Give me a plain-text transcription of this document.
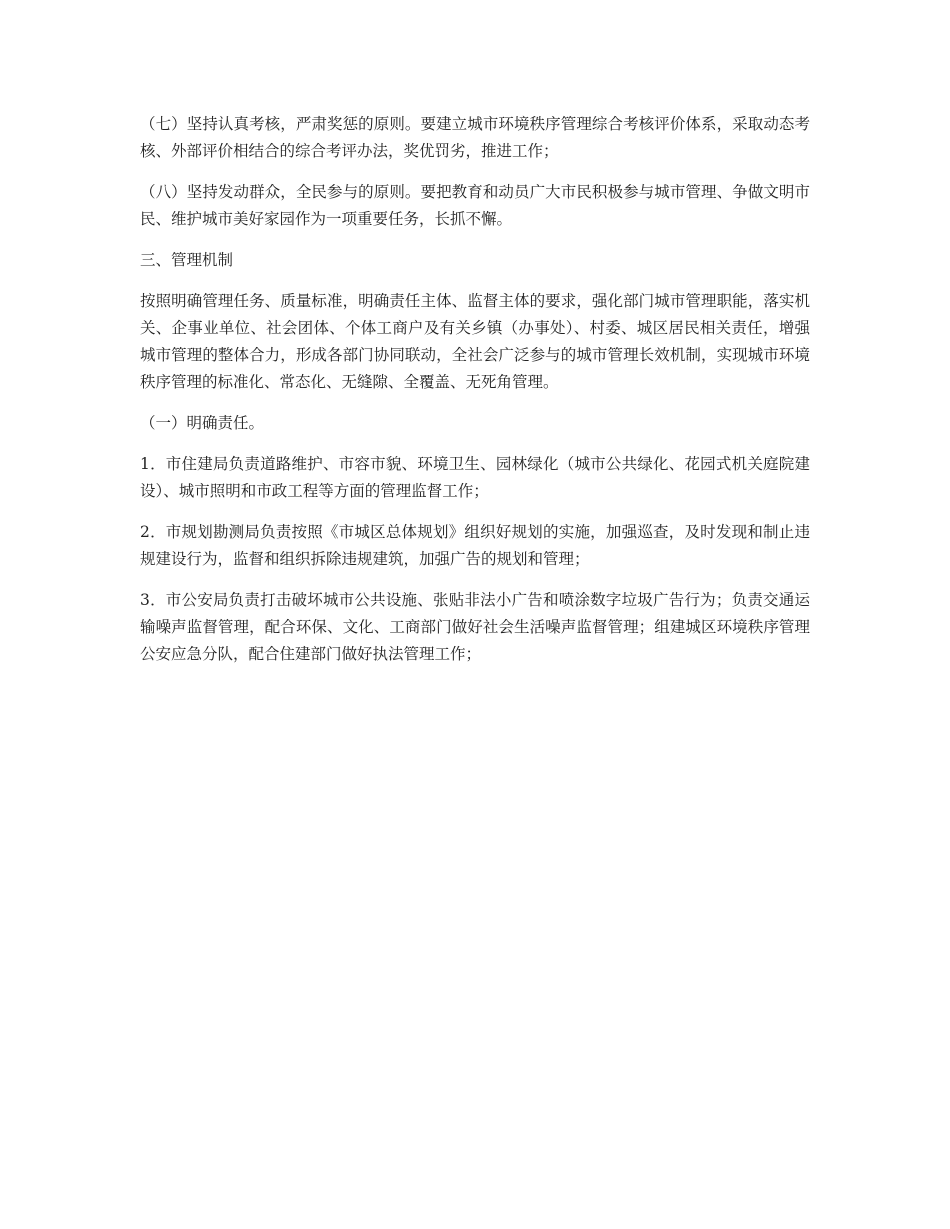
（七）坚持认真考核，严肃奖惩的原则。要建立城市环境秩序管理综合考核评价体系，采取动态考核、外部评价相结合的综合考评办法，奖优罚劣，推进工作；

（八）坚持发动群众，全民参与的原则。要把教育和动员广大市民积极参与城市管理、争做文明市民、维护城市美好家园作为一项重要任务，长抓不懈。

三、管理机制

按照明确管理任务、质量标准，明确责任主体、监督主体的要求，强化部门城市管理职能，落实机关、企事业单位、社会团体、个体工商户及有关乡镇（办事处）、村委、城区居民相关责任，增强城市管理的整体合力，形成各部门协同联动，全社会广泛参与的城市管理长效机制，实现城市环境秩序管理的标准化、常态化、无缝隙、全覆盖、无死角管理。

（一）明确责任。

1．市住建局负责道路维护、市容市貌、环境卫生、园林绿化（城市公共绿化、花园式机关庭院建设）、城市照明和市政工程等方面的管理监督工作；

2．市规划勘测局负责按照《市城区总体规划》组织好规划的实施，加强巡查，及时发现和制止违规建设行为，监督和组织拆除违规建筑，加强广告的规划和管理；

3．市公安局负责打击破坏城市公共设施、张贴非法小广告和喷涂数字垃圾广告行为；负责交通运输噪声监督管理，配合环保、文化、工商部门做好社会生活噪声监督管理；组建城区环境秩序管理公安应急分队，配合住建部门做好执法管理工作；
